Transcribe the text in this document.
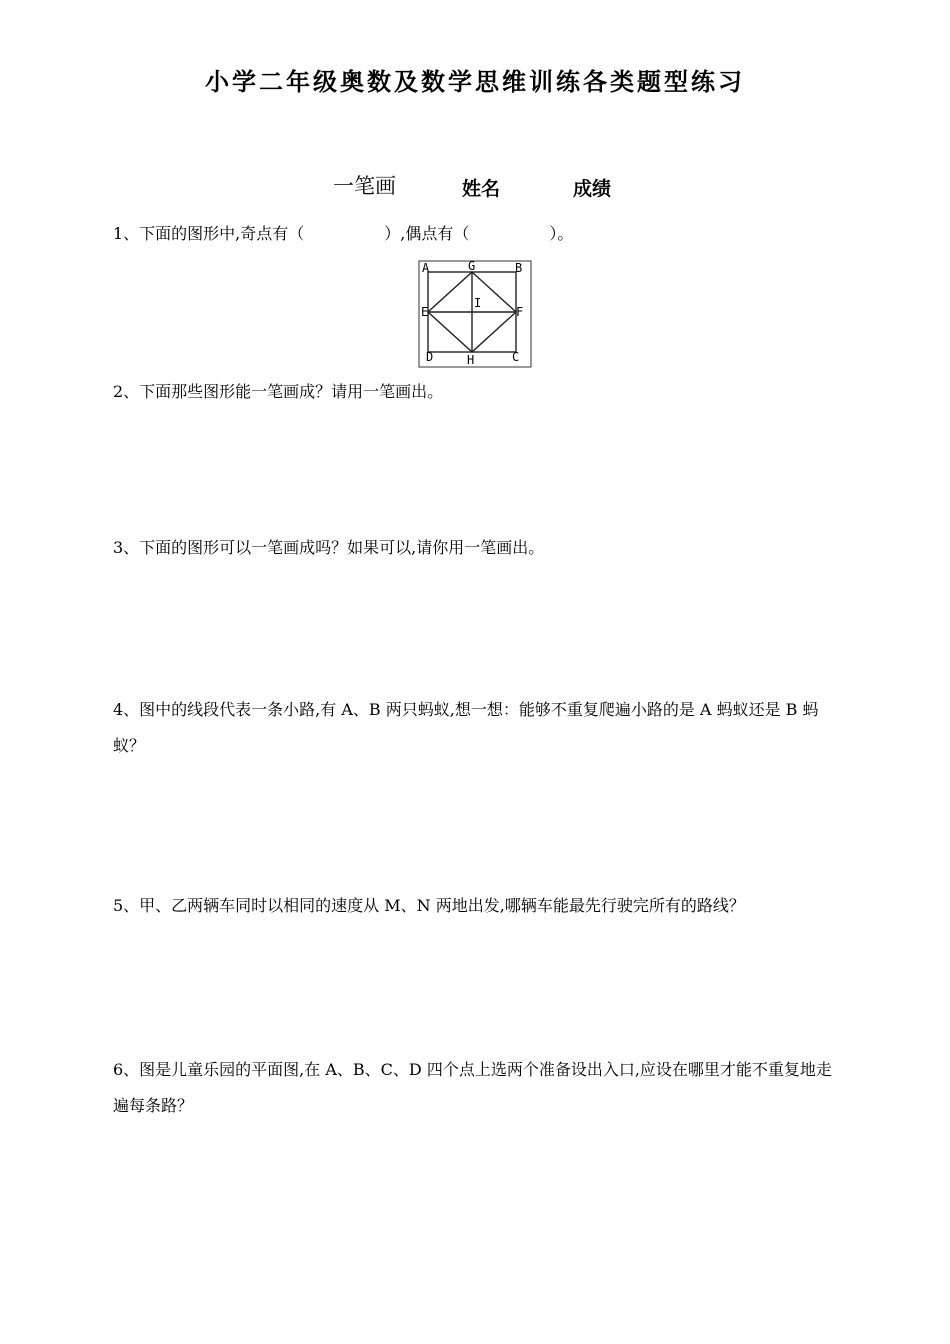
小学二年级奥数及数学思维训练各类题型练习
一笔画	姓名	成绩
1、下面的图形中,奇点有（　　　　　）,偶点有（　　　　　）。
A	G	B
E
I
F
D	H	C
2、下面那些图形能一笔画成？请用一笔画出。
3、下面的图形可以一笔画成吗？如果可以,请你用一笔画出。
4、图中的线段代表一条小路,有 A、B 两只蚂蚁,想一想：能够不重复爬遍小路的是 A 蚂蚁还是 B 蚂蚁？
5、甲、乙两辆车同时以相同的速度从 M、N 两地出发,哪辆车能最先行驶完所有的路线？
6、图是儿童乐园的平面图,在 A、B、C、D 四个点上选两个准备设出入口,应设在哪里才能不重复地走遍每条路？
